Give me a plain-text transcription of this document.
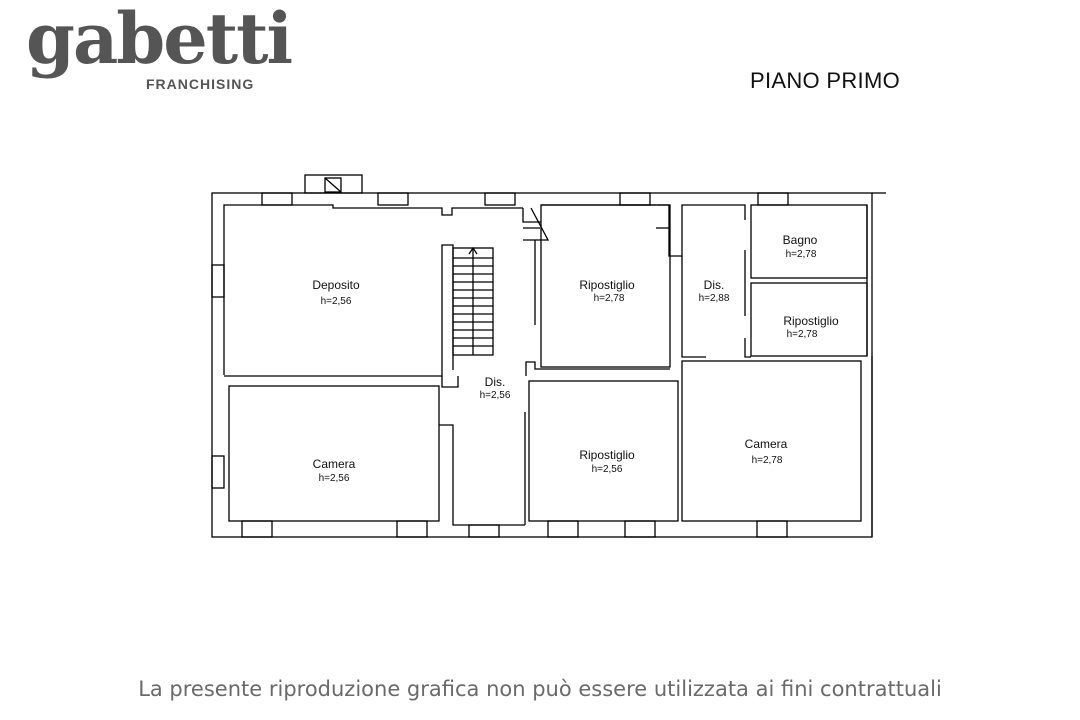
gabetti
FRANCHISING	PIANO PRIMO
Deposito
h=2,56
Ripostiglio
h=2,78
Bagno
h=2,78
Dis.
h=2,88
Ripostiglio
h=2,78
Dis.
h=2,56
Camera
h=2,56
Ripostiglio
h=2,56
Camera
h=2,78
La presente riproduzione grafica non può essere utilizzata ai fini contrattuali
